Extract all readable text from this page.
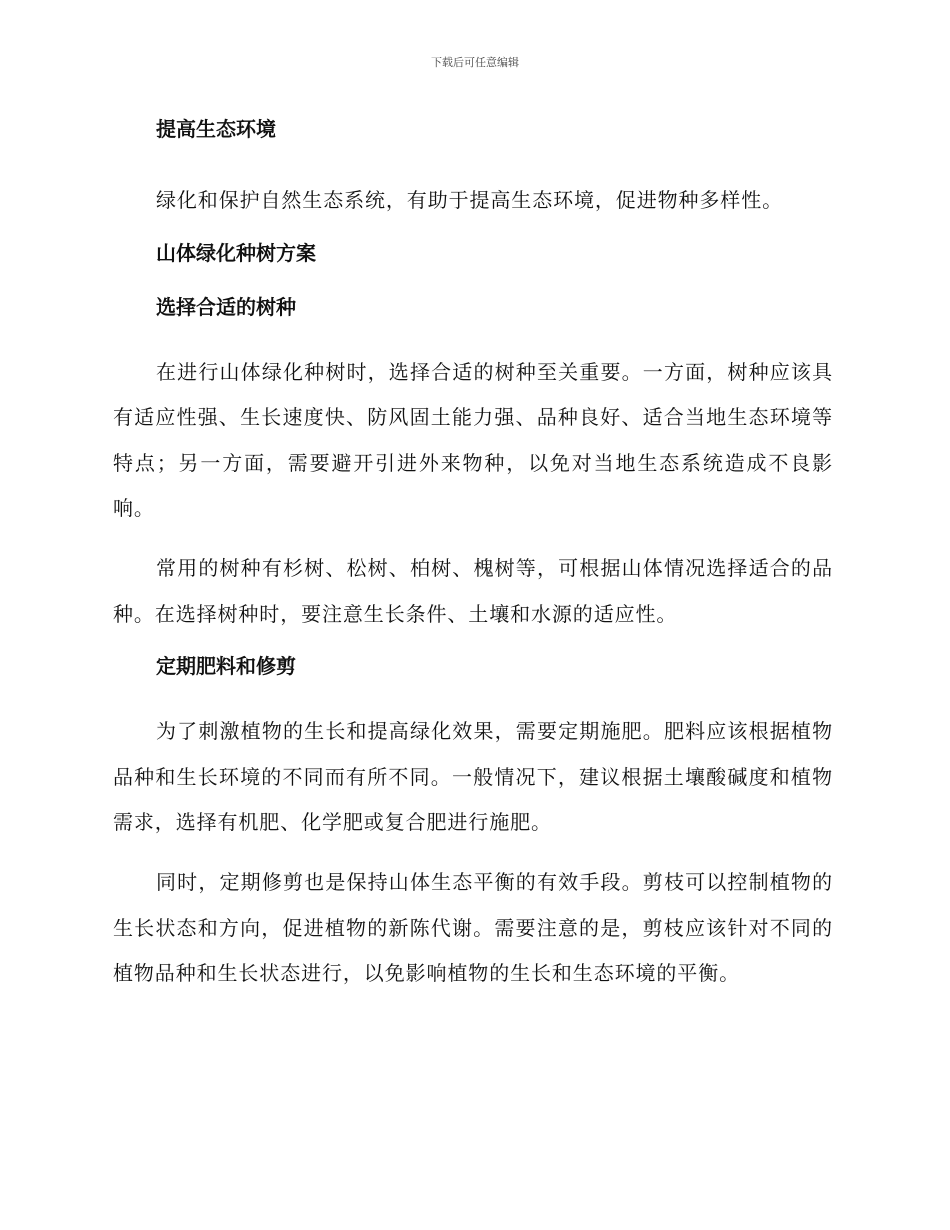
下载后可任意编辑
提高生态环境

绿化和保护自然生态系统，有助于提高生态环境，促进物种多样性。

山体绿化种树方案
选择合适的树种

在进行山体绿化种树时，选择合适的树种至关重要。一方面，树种应该具有适应性强、生长速度快、防风固土能力强、品种良好、适合当地生态环境等特点；另一方面，需要避开引进外来物种，以免对当地生态系统造成不良影响。

常用的树种有杉树、松树、柏树、槐树等，可根据山体情况选择适合的品种。在选择树种时，要注意生长条件、土壤和水源的适应性。

定期肥料和修剪

为了刺激植物的生长和提高绿化效果，需要定期施肥。肥料应该根据植物品种和生长环境的不同而有所不同。一般情况下，建议根据土壤酸碱度和植物需求，选择有机肥、化学肥或复合肥进行施肥。

同时，定期修剪也是保持山体生态平衡的有效手段。剪枝可以控制植物的生长状态和方向，促进植物的新陈代谢。需要注意的是，剪枝应该针对不同的植物品种和生长状态进行，以免影响植物的生长和生态环境的平衡。
